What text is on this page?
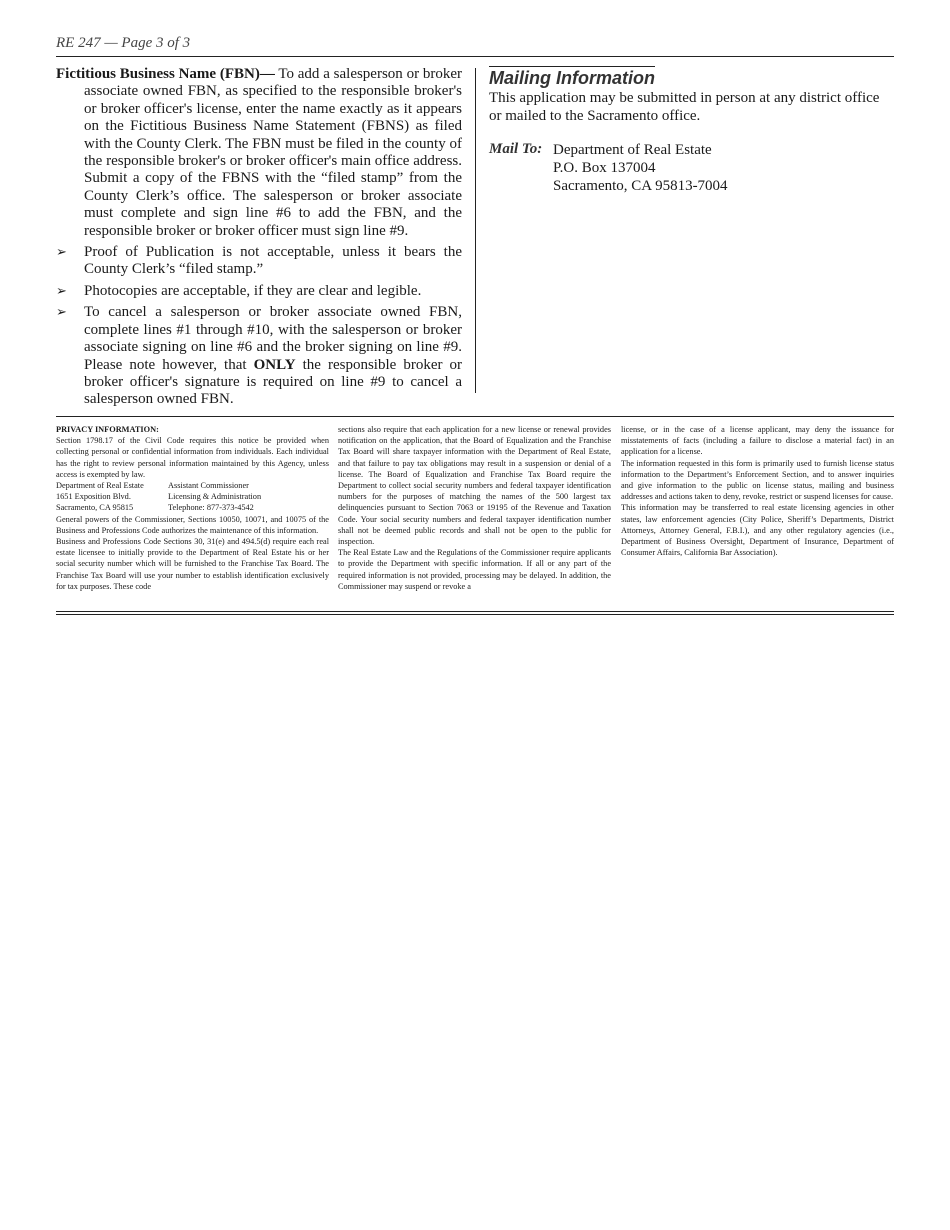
RE 247 — Page 3 of 3

Fictitious Business Name (FBN)— To add a salesperson or broker associate owned FBN, as specified to the responsible broker's or broker officer's license, enter the name exactly as it appears on the Fictitious Business Name Statement (FBNS) as filed with the County Clerk. The FBN must be filed in the county of the responsible broker's or broker officer's main office address. Submit a copy of the FBNS with the “filed stamp” from the County Clerk’s office. The salesperson or broker associate must complete and sign line #6 to add the FBN, and the responsible broker or broker officer must sign line #9.

➢ Proof of Publication is not acceptable, unless it bears the County Clerk’s “filed stamp.”
➢ Photocopies are acceptable, if they are clear and legible.
➢ To cancel a salesperson or broker associate owned FBN, complete lines #1 through #10, with the salesperson or broker associate signing on line #6 and the broker signing on line #9. Please note however, that ONLY the responsible broker or broker officer's signature is required on line #9 to cancel a salesperson owned FBN.
Mailing Information

This application may be submitted in person at any district office or mailed to the Sacramento office.

Mail To: Department of Real Estate
P.O. Box 137004
Sacramento, CA 95813-7004

PRIVACY INFORMATION:

Section 1798.17 of the Civil Code requires this notice be provided when collecting personal or confidential information from individuals. Each individual has the right to review personal information maintained by this Agency, unless access is exempted by law.

Department of Real Estate	Assistant Commissioner
1651 Exposition Blvd.	Licensing & Administration
Sacramento, CA 95815	Telephone: 877-373-4542

General powers of the Commissioner, Sections 10050, 10071, and 10075 of the Business and Professions Code authorizes the maintenance of this information.

Business and Professions Code Sections 30, 31(e) and 494.5(d) require each real estate licensee to initially provide to the Department of Real Estate his or her social security number which will be furnished to the Franchise Tax Board. The Franchise Tax Board will use your number to establish identification exclusively for tax purposes. These code

sections also require that each application for a new license or renewal provides notification on the application, that the Board of Equalization and the Franchise Tax Board will share taxpayer information with the Department of Real Estate, and that failure to pay tax obligations may result in a suspension or denial of a license. The Board of Equalization and Franchise Tax Board require the Department to collect social security numbers and federal taxpayer identification numbers for the purposes of matching the names of the 500 largest tax delinquencies pursuant to Section 7063 or 19195 of the Revenue and Taxation Code. Your social security numbers and federal taxpayer identification number shall not be deemed public records and shall not be open to the public for inspection.

The Real Estate Law and the Regulations of the Commissioner require applicants to provide the Department with specific information. If all or any part of the required information is not provided, processing may be delayed. In addition, the Commissioner may suspend or revoke a

license, or in the case of a license applicant, may deny the issuance for misstatements of facts (including a failure to disclose a material fact) in an application for a license.

The information requested in this form is primarily used to furnish license status information to the Department’s Enforcement Section, and to answer inquiries and give information to the public on license status, mailing and business addresses and actions taken to deny, revoke, restrict or suspend licenses for cause.

This information may be transferred to real estate licensing agencies in other states, law enforcement agencies (City Police, Sheriff’s Departments, District Attorneys, Attorney General, F.B.I.), and any other regulatory agencies (i.e., Department of Business Oversight, Department of Insurance, Department of Consumer Affairs, California Bar Association).
